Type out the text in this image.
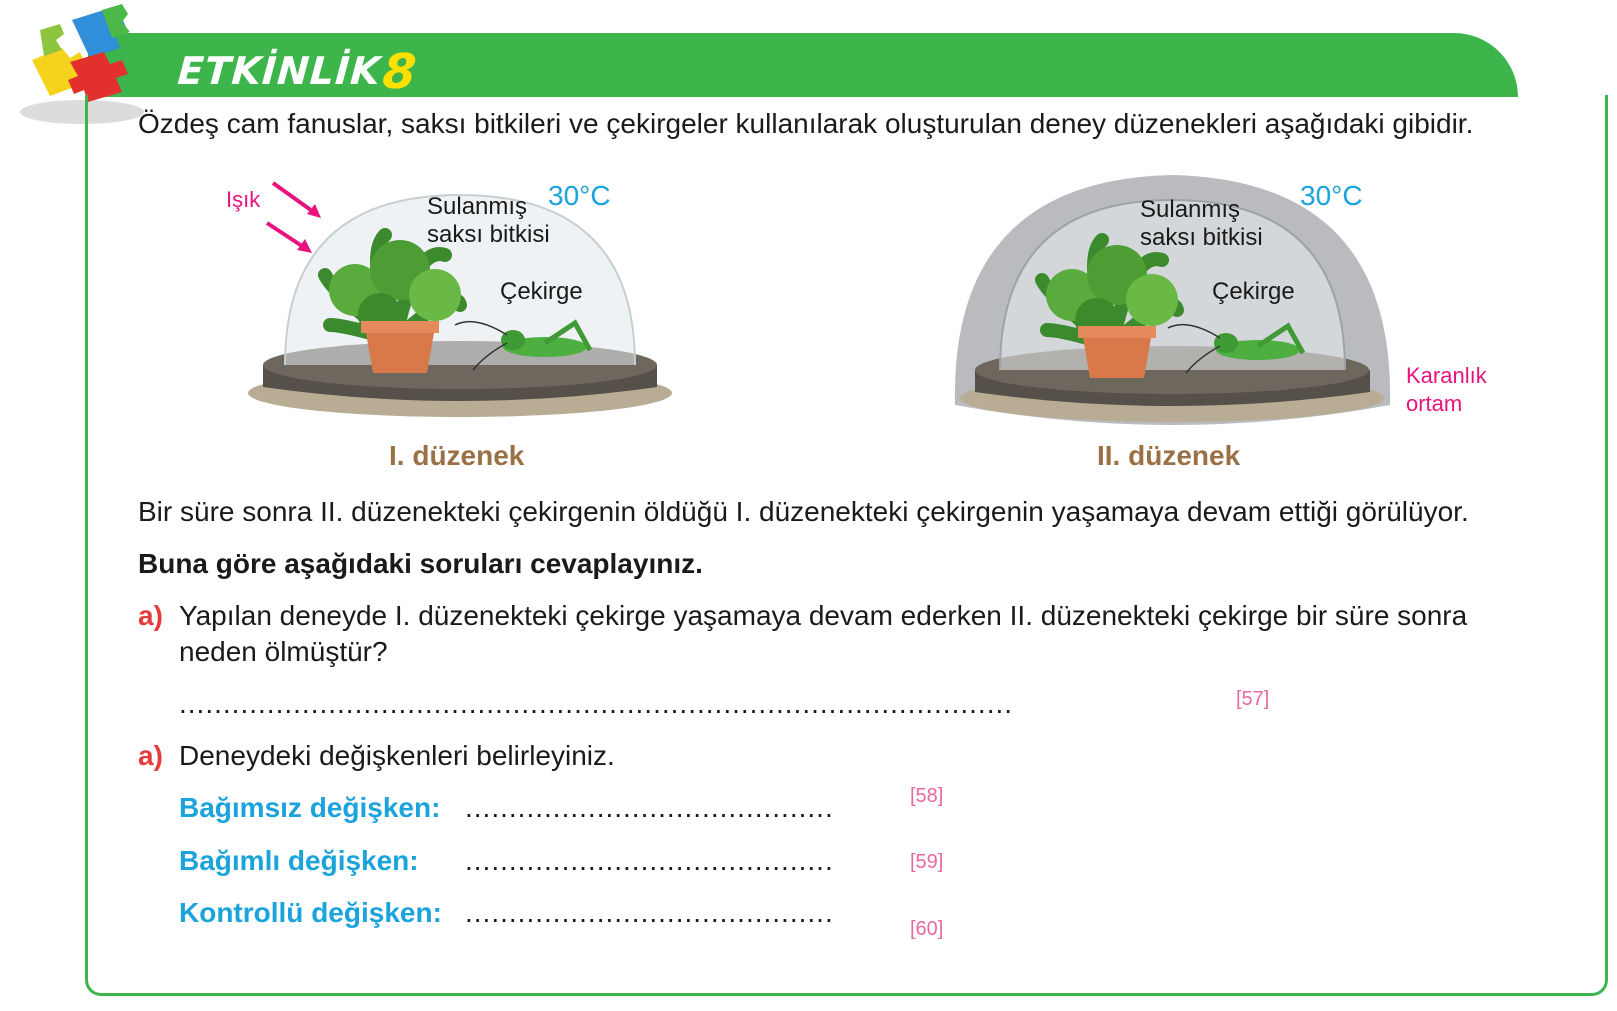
ETKİNLİK8
Özdeş cam fanuslar, saksı bitkileri ve çekirgeler kullanılarak oluşturulan deney düzenekleri aşağıdaki gibidir.
Işık	Sulanmış
saksı bitkisi
30°C
Çekirge
I. düzenek
Sulanmış
saksı bitkisi
30°C
Çekirge
Karanlık
ortam
II. düzenek
Bir süre sonra II. düzenekteki çekirgenin öldüğü I. düzenekteki çekirgenin yaşamaya devam ettiği görülüyor.
Buna göre aşağıdaki soruları cevaplayınız.
a) Yapılan deneyde I. düzenekteki çekirge yaşamaya devam ederken II. düzenekteki çekirge bir süre sonra
neden ölmüştür?
...............................................................................................	[57]
a) Deneydeki değişkenleri belirleyiniz.
Bağımsız değişken: ..........................................	[58]
Bağımlı değişken: ..........................................	[59]
Kontrollü değişken: ..........................................
[60]
